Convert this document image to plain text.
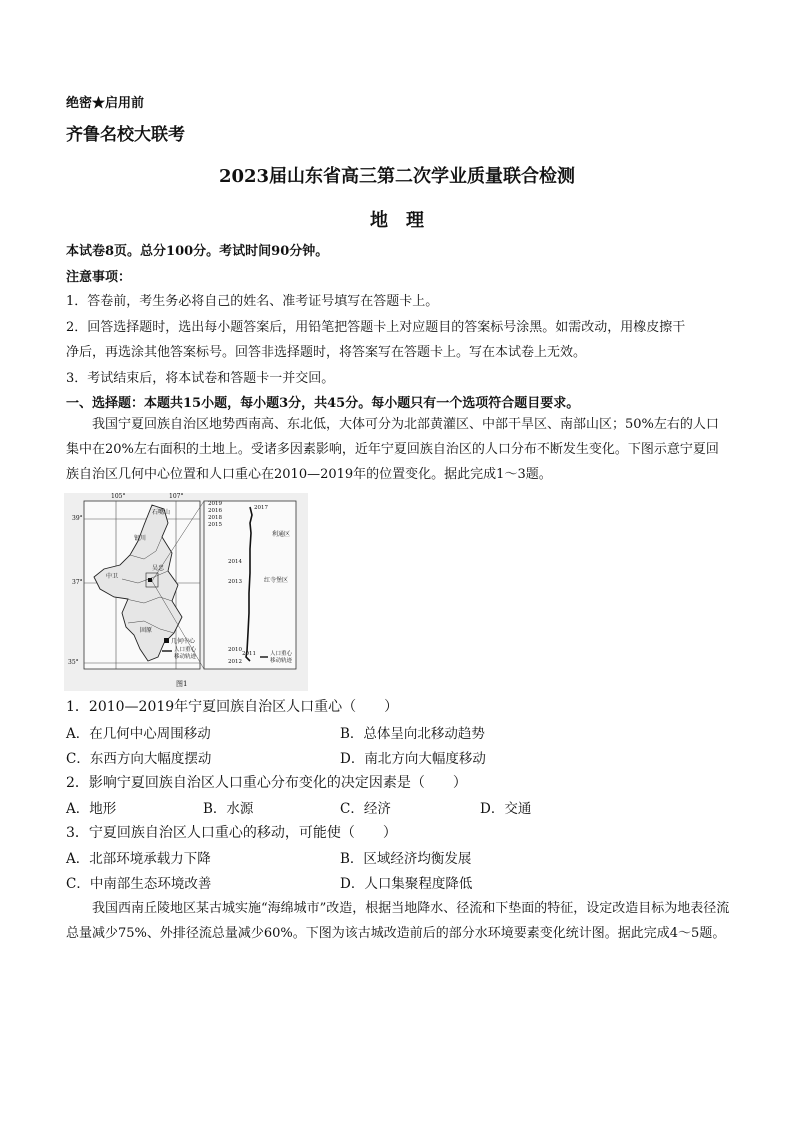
绝密★启用前
齐鲁名校大联考
2023届山东省高三第二次学业质量联合检测
地　理
本试卷8页。总分100分。考试时间90分钟。
注意事项：
1．答卷前，考生务必将自己的姓名、准考证号填写在答题卡上。
2．回答选择题时，选出每小题答案后，用铅笔把答题卡上对应题目的答案标号涂黑。如需改动，用橡皮擦干
净后，再选涂其他答案标号。回答非选择题时，将答案写在答题卡上。写在本试卷上无效。
3．考试结束后，将本试卷和答题卡一并交回。
一、选择题：本题共15小题，每小题3分，共45分。每小题只有一个选项符合题目要求。
我国宁夏回族自治区地势西南高、东北低，大体可分为北部黄灌区、中部干旱区、南部山区；50%左右的人口集中在20%左右面积的土地上。受诸多因素影响，近年宁夏回族自治区的人口分布不断发生变化。下图示意宁夏回族自治区几何中心位置和人口重心在2010—2019年的位置变化。据此完成1～3题。
105°	107°
39°
37°
35°
石嘴山
银川
吴忠
中卫
固原
几何中心
人口重心移动轨迹
2019
2016
2018
2015
2017
利通区
2014
红寺堡区
2013
2010
2011
2012
人口重心移动轨迹
图1
1．2010—2019年宁夏回族自治区人口重心（　　）
A．在几何中心周围移动	B．总体呈向北移动趋势
C．东西方向大幅度摆动	D．南北方向大幅度移动
2．影响宁夏回族自治区人口重心分布变化的决定因素是（　　）
A．地形	B．水源	C．经济	D．交通
3．宁夏回族自治区人口重心的移动，可能使（　　）
A．北部环境承载力下降	B．区域经济均衡发展
C．中南部生态环境改善	D．人口集聚程度降低
我国西南丘陵地区某古城实施“海绵城市”改造，根据当地降水、径流和下垫面的特征，设定改造目标为地表径流总量减少75%、外排径流总量减少60%。下图为该古城改造前后的部分水环境要素变化统计图。据此完成4～5题。
